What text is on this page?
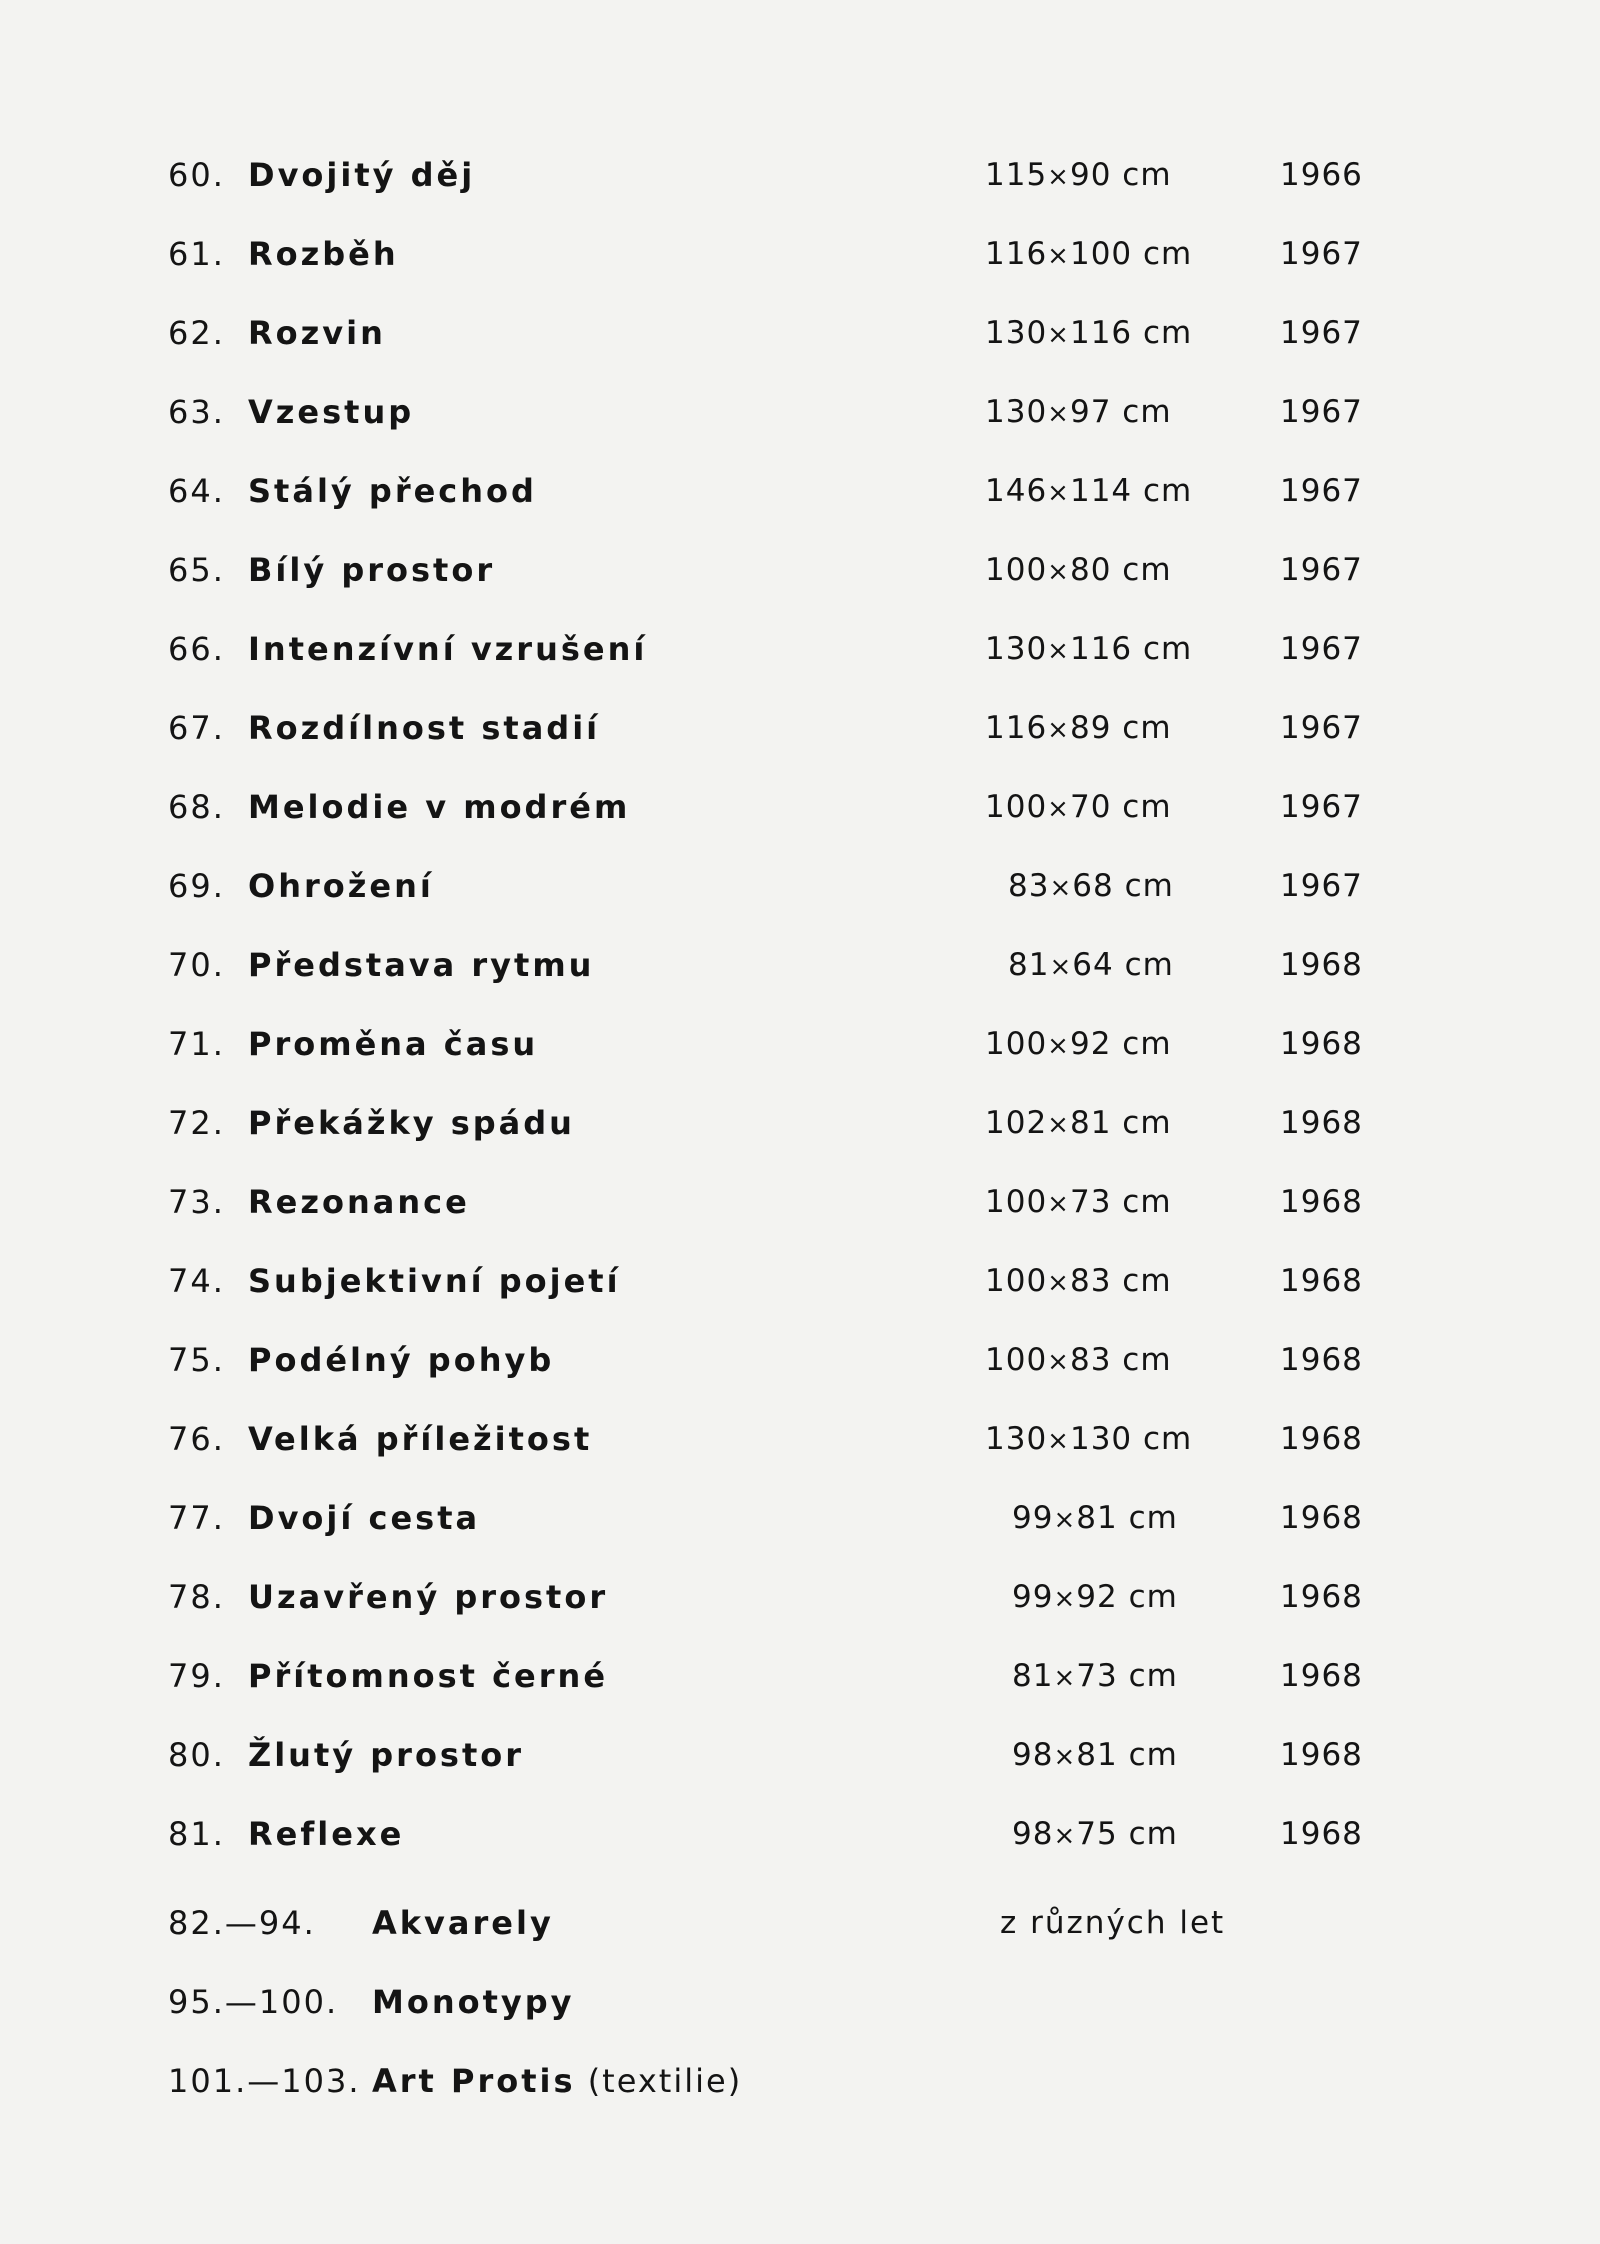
60. Dvojitý děj	115×90 cm	1966
61. Rozběh	116×100 cm	1967
62. Rozvin	130×116 cm	1967
63. Vzestup	130×97 cm	1967
64. Stálý přechod	146×114 cm	1967
65. Bílý prostor	100×80 cm	1967
66. Intenzívní vzrušení	130×116 cm	1967
67. Rozdílnost stadií	116×89 cm	1967
68. Melodie v modrém	100×70 cm	1967
69. Ohrožení	83×68 cm	1967
70. Představa rytmu	81×64 cm	1968
71. Proměna času	100×92 cm	1968
72. Překážky spádu	102×81 cm	1968
73. Rezonance	100×73 cm	1968
74. Subjektivní pojetí	100×83 cm	1968
75. Podélný pohyb	100×83 cm	1968
76. Velká příležitost	130×130 cm	1968
77. Dvojí cesta	99×81 cm	1968
78. Uzavřený prostor	99×92 cm	1968
79. Přítomnost černé	81×73 cm	1968
80. Žlutý prostor	98×81 cm	1968
81. Reflexe	98×75 cm	1968
82.—94. Akvarely	z různých let
95.—100. Monotypy
101.—103. Art Protis (textilie)
